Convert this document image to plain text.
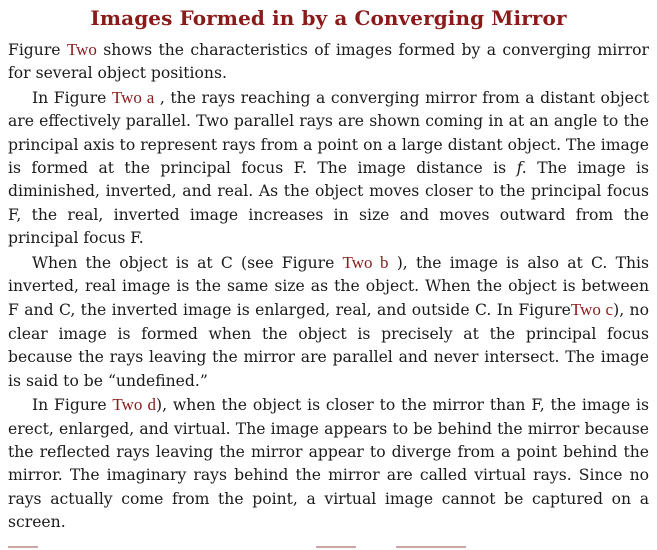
Images Formed in by a Converging Mirror

Figure Two shows the characteristics of images formed by a converging mirror for several object positions.

In Figure Two a , the rays reaching a converging mirror from a distant object are effectively parallel. Two parallel rays are shown coming in at an angle to the principal axis to represent rays from a point on a large distant object. The image is formed at the principal focus F. The image distance is f. The image is diminished, inverted, and real. As the object moves closer to the principal focus F, the real, inverted image increases in size and moves outward from the principal focus F.

When the object is at C (see Figure Two b ), the image is also at C. This inverted, real image is the same size as the object. When the object is between F and C, the inverted image is enlarged, real, and outside C. In FigureTwo c), no clear image is formed when the object is precisely at the principal focus because the rays leaving the mirror are parallel and never intersect. The image is said to be “undefined.”

In Figure Two d), when the object is closer to the mirror than F, the image is erect, enlarged, and virtual. The image appears to be behind the mirror because the reflected rays leaving the mirror appear to diverge from a point behind the mirror. The imaginary rays behind the mirror are called virtual rays. Since no rays actually come from the point, a virtual image cannot be captured on a screen.
